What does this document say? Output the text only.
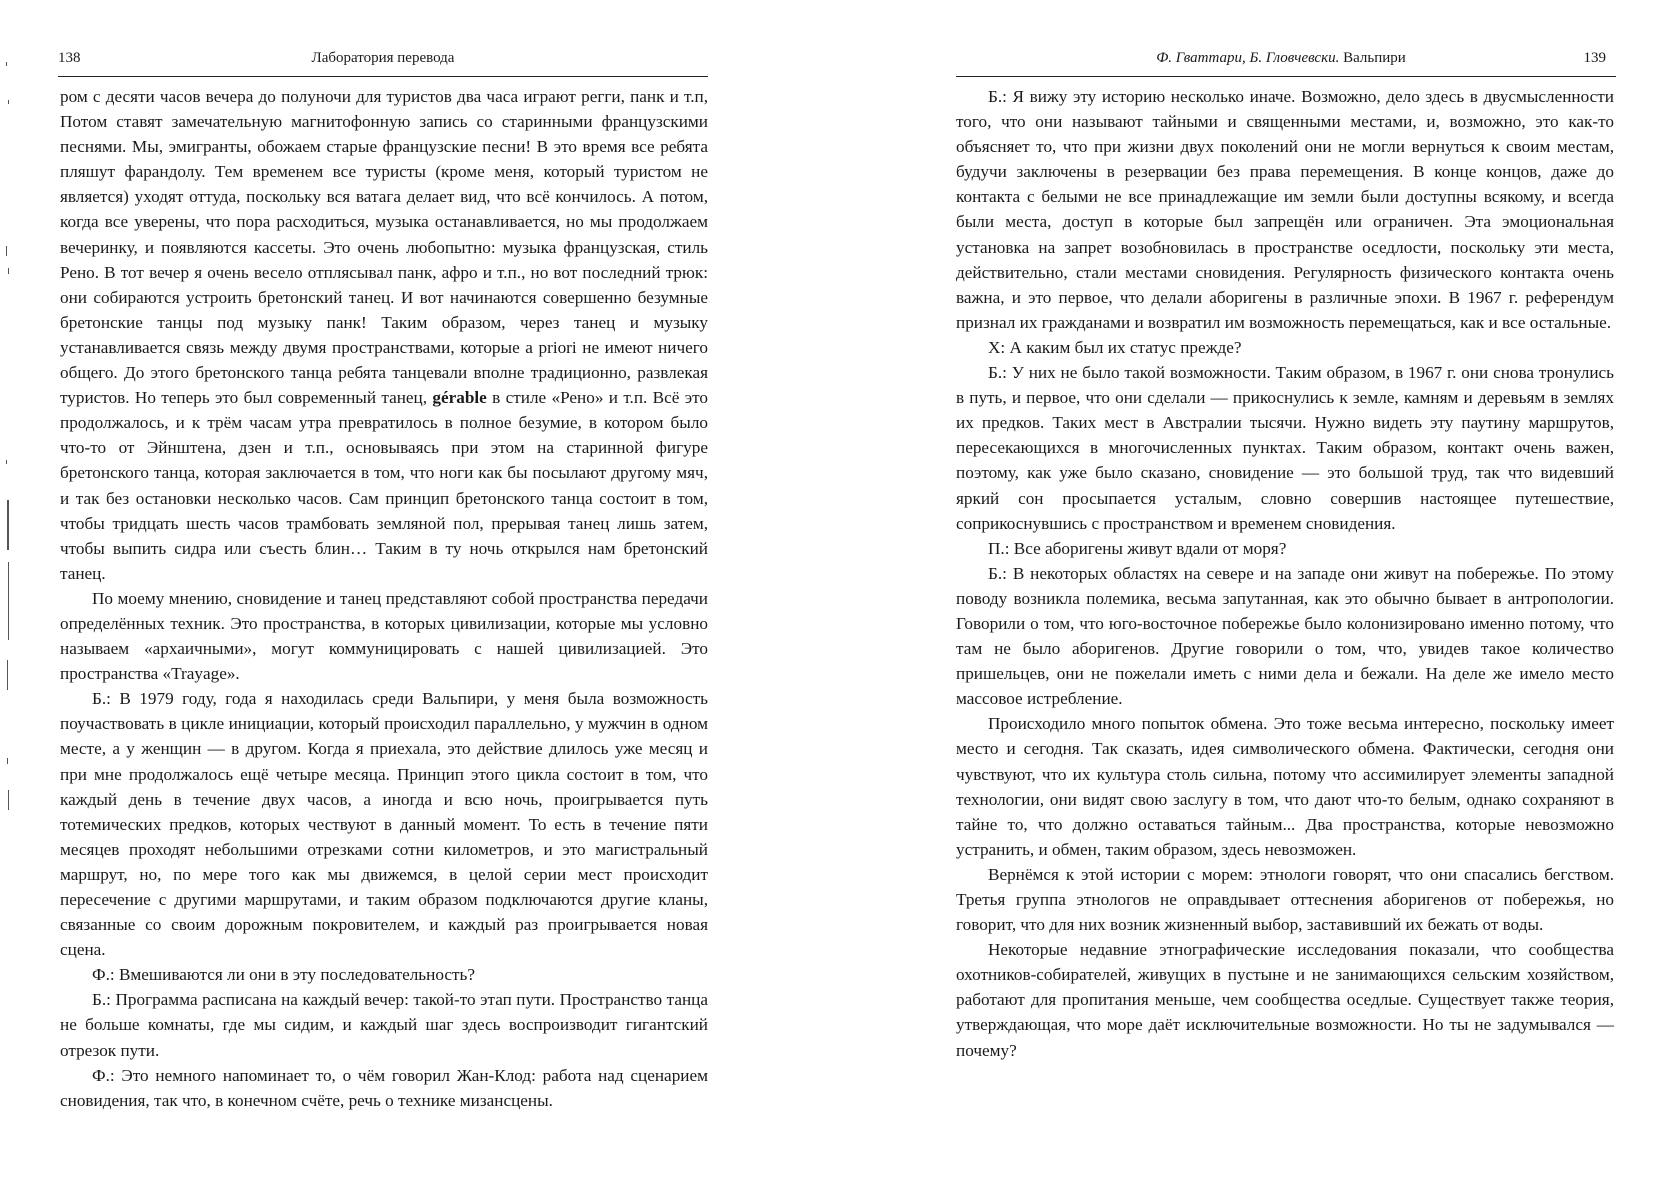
138	Лаборатория перевода

ром с десяти часов вечера до полуночи для туристов два часа играют регги, панк и т.п, Потом ставят замечательную магнитофонную запись со старинными французскими песнями. Мы, эмигранты, обожаем старые французские песни! В это время все ребята пляшут фарандолу. Тем временем все туристы (кроме меня, который туристом не является) уходят оттуда, поскольку вся ватага делает вид, что всё кончилось. А потом, когда все уверены, что пора расходиться, музыка останавливается, но мы продолжаем вечеринку, и появляются кассеты. Это очень любопытно: музыка французская, стиль Рено. В тот вечер я очень весело отплясывал панк, афро и т.п., но вот последний трюк: они собираются устроить бретонский танец. И вот начинаются совершенно безумные бретонские танцы под музыку панк! Таким образом, через танец и музыку устанавливается связь между двумя пространствами, которые a priori не имеют ничего общего. До этого бретонского танца ребята танцевали вполне традиционно, развлекая туристов. Но теперь это был современный танец, gérable в стиле «Рено» и т.п. Всё это продолжалось, и к трём часам утра превратилось в полное безумие, в котором было что-то от Эйнштена, дзен и т.п., основываясь при этом на старинной фигуре бретонского танца, которая заключается в том, что ноги как бы посылают другому мяч, и так без остановки несколько часов. Сам принцип бретонского танца состоит в том, чтобы тридцать шесть часов трамбовать земляной пол, прерывая танец лишь затем, чтобы выпить сидра или съесть блин… Таким в ту ночь открылся нам бретонский танец.

По моему мнению, сновидение и танец представляют собой пространства передачи определённых техник. Это пространства, в которых цивилизации, которые мы условно называем «архаичными», могут коммуницировать с нашей цивилизацией. Это пространства «Trayage».

Б.: В 1979 году, года я находилась среди Вальпири, у меня была возможность поучаствовать в цикле инициации, который происходил параллельно, у мужчин в одном месте, а у женщин — в другом. Когда я приехала, это действие длилось уже месяц и при мне продолжалось ещё четыре месяца. Принцип этого цикла состоит в том, что каждый день в течение двух часов, а иногда и всю ночь, проигрывается путь тотемических предков, которых чествуют в данный момент. То есть в течение пяти месяцев проходят небольшими отрезками сотни километров, и это магистральный маршрут, но, по мере того как мы движемся, в целой серии мест происходит пересечение с другими маршрутами, и таким образом подключаются другие кланы, связанные со своим дорожным покровителем, и каждый раз проигрывается новая сцена.

Ф.: Вмешиваются ли они в эту последовательность?

Б.: Программа расписана на каждый вечер: такой-то этап пути. Пространство танца не больше комнаты, где мы сидим, и каждый шаг здесь воспроизводит гигантский отрезок пути.

Ф.: Это немного напоминает то, о чём говорил Жан-Клод: работа над сценарием сновидения, так что, в конечном счёте, речь о технике мизансцены.

Ф. Гваттари, Б. Гловчевски. Вальпири	139

Б.: Я вижу эту историю несколько иначе. Возможно, дело здесь в двусмысленности того, что они называют тайными и священными местами, и, возможно, это как-то объясняет то, что при жизни двух поколений они не могли вернуться к своим местам, будучи заключены в резервации без права перемещения. В конце концов, даже до контакта с белыми не все принадлежащие им земли были доступны всякому, и всегда были места, доступ в которые был запрещён или ограничен. Эта эмоциональная установка на запрет возобновилась в пространстве оседлости, поскольку эти места, действительно, стали местами сновидения. Регулярность физического контакта очень важна, и это первое, что делали аборигены в различные эпохи. В 1967 г. референдум признал их гражданами и возвратил им возможность перемещаться, как и все остальные.

Х: А каким был их статус прежде?

Б.: У них не было такой возможности. Таким образом, в 1967 г. они снова тронулись в путь, и первое, что они сделали — прикоснулись к земле, камням и деревьям в землях их предков. Таких мест в Австралии тысячи. Нужно видеть эту паутину маршрутов, пересекающихся в многочисленных пунктах. Таким образом, контакт очень важен, поэтому, как уже было сказано, сновидение — это большой труд, так что видевший яркий сон просыпается усталым, словно совершив настоящее путешествие, соприкоснувшись с пространством и временем сновидения.

П.: Все аборигены живут вдали от моря?

Б.: В некоторых областях на севере и на западе они живут на побережье. По этому поводу возникла полемика, весьма запутанная, как это обычно бывает в антропологии. Говорили о том, что юго-восточное побережье было колонизировано именно потому, что там не было аборигенов. Другие говорили о том, что, увидев такое количество пришельцев, они не пожелали иметь с ними дела и бежали. На деле же имело место массовое истребление.

Происходило много попыток обмена. Это тоже весьма интересно, поскольку имеет место и сегодня. Так сказать, идея символического обмена. Фактически, сегодня они чувствуют, что их культура столь сильна, потому что ассимилирует элементы западной технологии, они видят свою заслугу в том, что дают что-то белым, однако сохраняют в тайне то, что должно оставаться тайным... Два пространства, которые невозможно устранить, и обмен, таким образом, здесь невозможен.

Вернёмся к этой истории с морем: этнологи говорят, что они спасались бегством. Третья группа этнологов не оправдывает оттеснения аборигенов от побережья, но говорит, что для них возник жизненный выбор, заставивший их бежать от воды.

Некоторые недавние этнографические исследования показали, что сообщества охотников-собирателей, живущих в пустыне и не занимающихся сельским хозяйством, работают для пропитания меньше, чем сообщества оседлые. Существует также теория, утверждающая, что море даёт исключительные возможности. Но ты не задумывался — почему?
